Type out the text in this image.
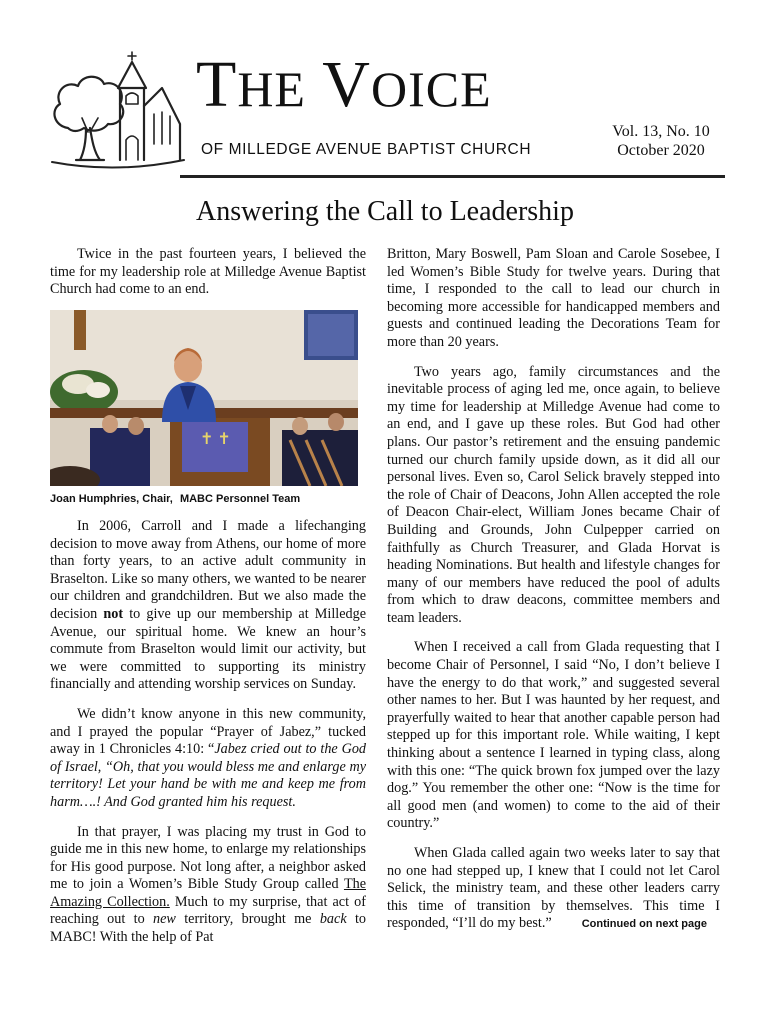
THE VOICE
OF MILLEDGE AVENUE BAPTIST CHURCH
Vol. 13, No. 10
October 2020
Answering the Call to Leadership

Twice in the past fourteen years, I believed the time for my leadership role at Milledge Avenue Baptist Church had come to an end.

✝ ✝
Joan Humphries, Chair, MABC Personnel Team

In 2006, Carroll and I made a lifechanging decision to move away from Athens, our home of more than forty years, to an active adult community in Braselton. Like so many others, we wanted to be nearer our children and grandchildren. But we also made the decision not to give up our membership at Milledge Avenue, our spiritual home. We knew an hour’s commute from Braselton would limit our activity, but we were committed to supporting its ministry financially and attending worship services on Sunday.

We didn’t know anyone in this new community, and I prayed the popular “Prayer of Jabez,” tucked away in 1 Chronicles 4:10: “Jabez cried out to the God of Israel, “Oh, that you would bless me and enlarge my territory! Let your hand be with me and keep me from harm….! And God granted him his request.

In that prayer, I was placing my trust in God to guide me in this new home, to enlarge my relationships for His good purpose. Not long after, a neighbor asked me to join a Women’s Bible Study Group called The Amazing Collection. Much to my surprise, that act of reaching out to new territory, brought me back to MABC! With the help of Pat

Britton, Mary Boswell, Pam Sloan and Carole Sosebee, I led Women’s Bible Study for twelve years. During that time, I responded to the call to lead our church in becoming more accessible for handicapped members and guests and continued leading the Decorations Team for more than 20 years.

Two years ago, family circumstances and the inevitable process of aging led me, once again, to believe my time for leadership at Milledge Avenue had come to an end, and I gave up these roles. But God had other plans. Our pastor’s retirement and the ensuing pandemic turned our church family upside down, as it did all our personal lives. Even so, Carol Selick bravely stepped into the role of Chair of Deacons, John Allen accepted the role of Deacon Chair-elect, William Jones became Chair of Building and Grounds, John Culpepper carried on faithfully as Church Treasurer, and Glada Horvat is heading Nominations. But health and lifestyle changes for many of our members have reduced the pool of adults from which to draw deacons, committee members and team leaders.

When I received a call from Glada requesting that I become Chair of Personnel, I said “No, I don’t believe I have the energy to do that work,” and suggested several other names to her. But I was haunted by her request, and prayerfully waited to hear that another capable person had stepped up for this important role. While waiting, I kept thinking about a sentence I learned in typing class, along with this one: “The quick brown fox jumped over the lazy dog.” You remember the other one: “Now is the time for all good men (and women) to come to the aid of their country.”

When Glada called again two weeks later to say that no one had stepped up, I knew that I could not let Carol Selick, the ministry team, and these other leaders carry this time of transition by themselves. This time I responded, “I’ll do my best.”	Continued on next page
